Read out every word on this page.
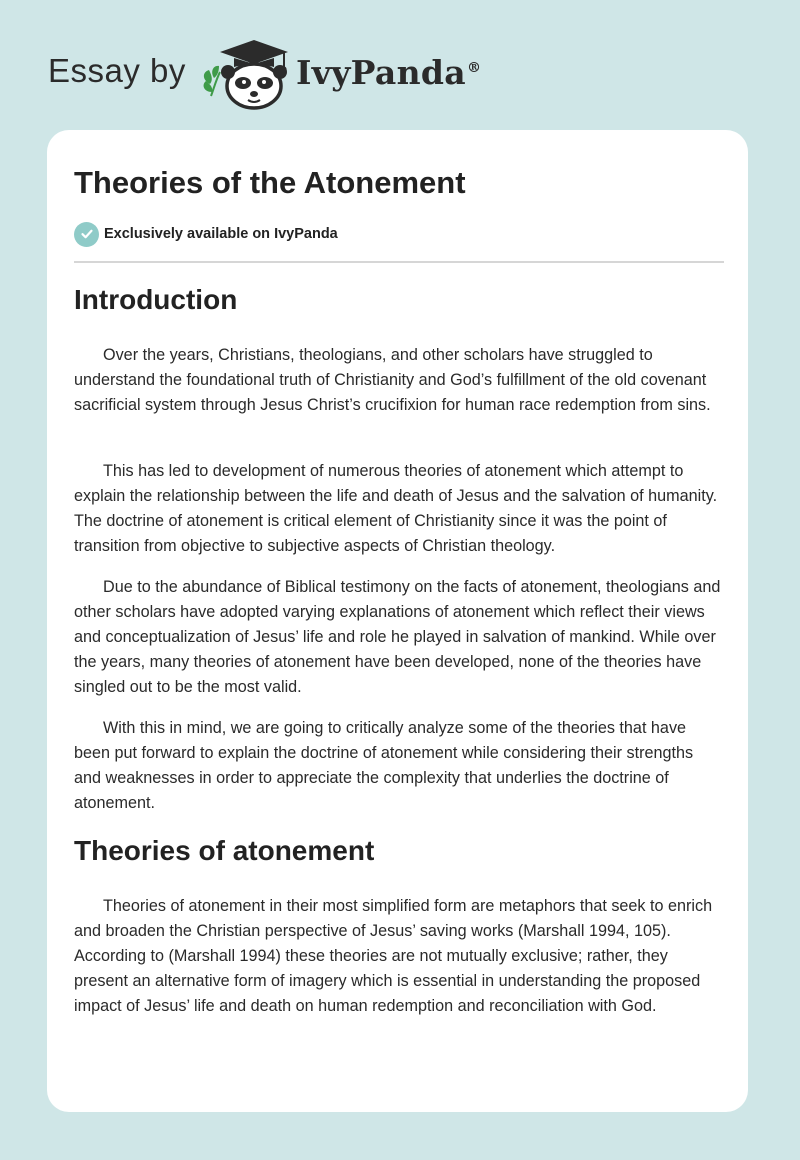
Essay by	IvyPanda®
Theories of the Atonement
Exclusively available on IvyPanda
Introduction

Over the years, Christians, theologians, and other scholars have struggled to understand the foundational truth of Christianity and God’s fulfillment of the old covenant sacrificial system through Jesus Christ’s crucifixion for human race redemption from sins.

This has led to development of numerous theories of atonement which attempt to explain the relationship between the life and death of Jesus and the salvation of humanity. The doctrine of atonement is critical element of Christianity since it was the point of transition from objective to subjective aspects of Christian theology.

Due to the abundance of Biblical testimony on the facts of atonement, theologians and other scholars have adopted varying explanations of atonement which reflect their views and conceptualization of Jesus’ life and role he played in salvation of mankind. While over the years, many theories of atonement have been developed, none of the theories have singled out to be the most valid.

With this in mind, we are going to critically analyze some of the theories that have been put forward to explain the doctrine of atonement while considering their strengths and weaknesses in order to appreciate the complexity that underlies the doctrine of atonement.

Theories of atonement

Theories of atonement in their most simplified form are metaphors that seek to enrich and broaden the Christian perspective of Jesus’ saving works (Marshall 1994, 105). According to (Marshall 1994) these theories are not mutually exclusive; rather, they present an alternative form of imagery which is essential in understanding the proposed impact of Jesus’ life and death on human redemption and reconciliation with God.
